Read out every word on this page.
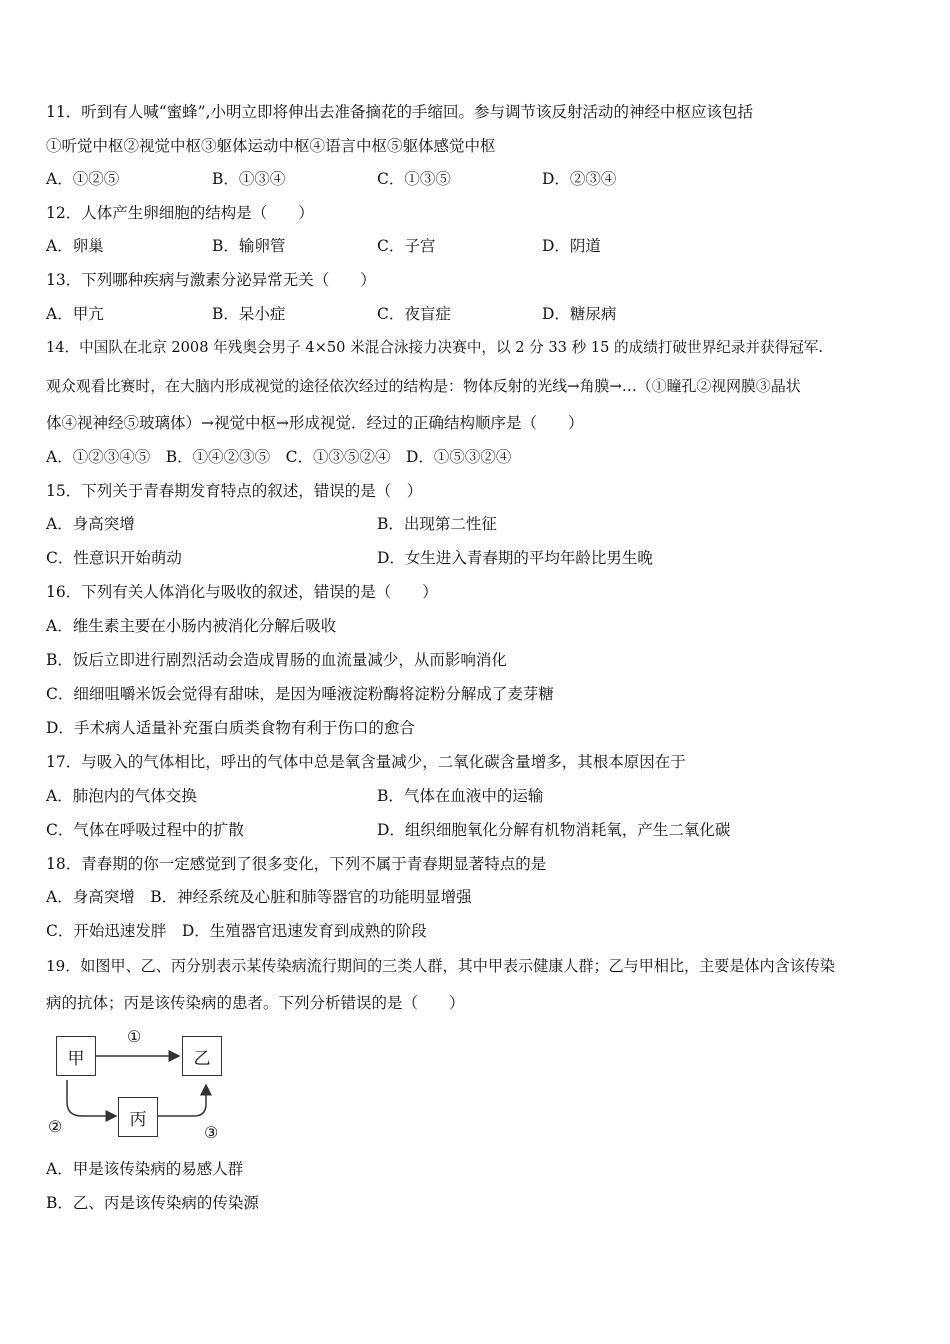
11．听到有人喊“蜜蜂”,小明立即将伸出去准备摘花的手缩回。参与调节该反射活动的神经中枢应该包括
①听觉中枢②视觉中枢③躯体运动中枢④语言中枢⑤躯体感觉中枢
A．①②⑤	B．①③④	C．①③⑤	D．②③④
12．人体产生卵细胞的结构是（　　）
A．卵巢	B．输卵管	C．子宫	D．阴道
13．下列哪种疾病与激素分泌异常无关（　　）
A．甲亢	B．呆小症	C．夜盲症	D．糖尿病
14．中国队在北京 2008 年残奥会男子 4×50 米混合泳接力决赛中，以 2 分 33 秒 15 的成绩打破世界纪录并获得冠军.
观众观看比赛时，在大脑内形成视觉的途径依次经过的结构是：物体反射的光线→角膜→…（①瞳孔②视网膜③晶状
体④视神经⑤玻璃体）→视觉中枢→形成视觉．经过的正确结构顺序是（　　）
A．①②③④⑤　B．①④②③⑤　C．①③⑤②④　D．①⑤③②④
15．下列关于青春期发育特点的叙述，错误的是（　）
A．身高突增	B．出现第二性征
C．性意识开始萌动	D．女生进入青春期的平均年龄比男生晚
16．下列有关人体消化与吸收的叙述，错误的是（　　）
A．维生素主要在小肠内被消化分解后吸收
B．饭后立即进行剧烈活动会造成胃肠的血流量减少，从而影响消化
C．细细咀嚼米饭会觉得有甜味，是因为唾液淀粉酶将淀粉分解成了麦芽糖
D．手术病人适量补充蛋白质类食物有利于伤口的愈合
17．与吸入的气体相比，呼出的气体中总是氧含量减少，二氧化碳含量增多，其根本原因在于
A．肺泡内的气体交换	B．气体在血液中的运输
C．气体在呼吸过程中的扩散	D．组织细胞氧化分解有机物消耗氧，产生二氧化碳
18．青春期的你一定感觉到了很多变化，下列不属于青春期显著特点的是
A．身高突增　B．神经系统及心脏和肺等器官的功能明显增强
C．开始迅速发胖　D．生殖器官迅速发育到成熟的阶段
19．如图甲、乙、丙分别表示某传染病流行期间的三类人群，其中甲表示健康人群；乙与甲相比，主要是体内含该传染
病的抗体；丙是该传染病的患者。下列分析错误的是（　　）
甲	乙
丙
①
②	③
A．甲是该传染病的易感人群
B．乙、丙是该传染病的传染源
